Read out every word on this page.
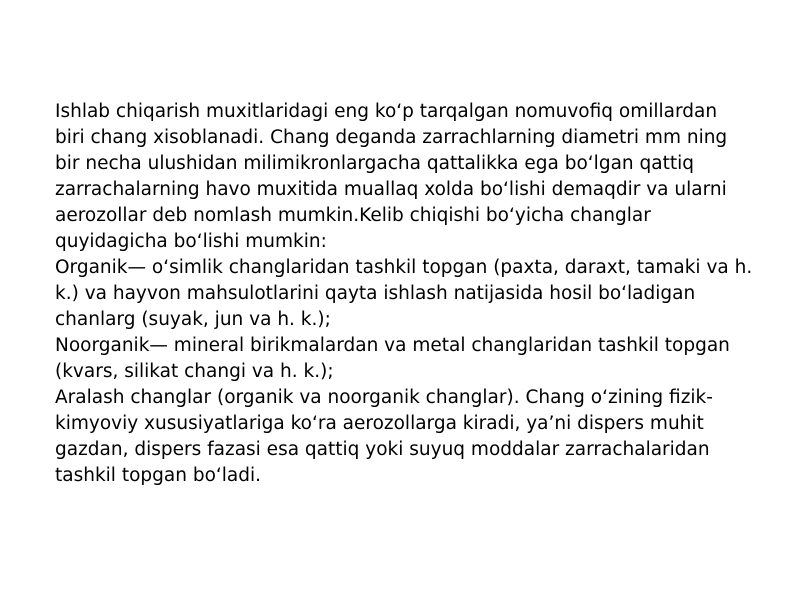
Ishlab chiqarish muxitlaridagi eng koʻp tarqalgan nomuvofiq omillardan
biri chang xisoblanadi. Chang deganda zarrachlarning diametri mm ning
bir necha ulushidan milimikronlargacha qattalikka ega boʻlgan qattiq
zarrachalarning havo muxitida muallaq xolda boʻlishi demaqdir va ularni
aerozollar deb nomlash mumkin.Kelib chiqishi boʻyicha changlar
quyidagicha boʻlishi mumkin:
Organik— oʻsimlik changlaridan tashkil topgan (paxta, daraxt, tamaki va h.
k.) va hayvon mahsulotlarini qayta ishlash natijasida hosil boʻladigan
chanlarg (suyak, jun va h. k.);
Noorganik— mineral birikmalardan va metal changlaridan tashkil topgan
(kvars, silikat changi va h. k.);
Aralash changlar (organik va noorganik changlar). Chang oʻzining fizik-
kimyoviy xususiyatlariga koʻra aerozollarga kiradi, ya’ni dispers muhit
gazdan, dispers fazasi esa qattiq yoki suyuq moddalar zarrachalaridan
tashkil topgan boʻladi.
